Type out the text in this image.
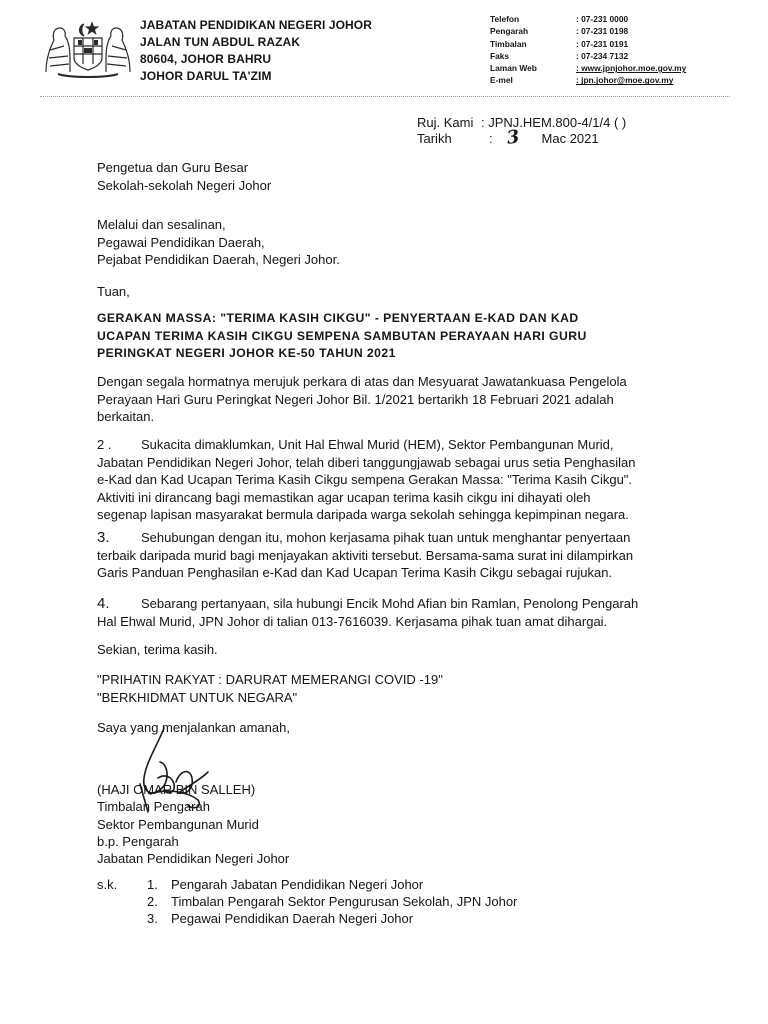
JABATAN PENDIDIKAN NEGERI JOHOR
JALAN TUN ABDUL RAZAK
80604, JOHOR BAHRU
JOHOR DARUL TA'ZIM
Telefon	: 07-231 0000
Pengarah	: 07-231 0198
Timbalan	: 07-231 0191
Faks	: 07-234 7132
Laman Web	: www.jpnjohor.moe.gov.my
E-mel	: jpn.johor@moe.gov.my
Ruj. Kami : JPNJ.HEM.800-4/1/4 ( )
Tarikh	: 3 Mac 2021
Pengetua dan Guru Besar
Sekolah-sekolah Negeri Johor
Melalui dan sesalinan,
Pegawai Pendidikan Daerah,
Pejabat Pendidikan Daerah, Negeri Johor.
Tuan,
GERAKAN MASSA: "TERIMA KASIH CIKGU" - PENYERTAAN E-KAD DAN KAD
UCAPAN TERIMA KASIH CIKGU SEMPENA SAMBUTAN PERAYAAN HARI GURU
PERINGKAT NEGERI JOHOR KE-50 TAHUN 2021
Dengan segala hormatnya merujuk perkara di atas dan Mesyuarat Jawatankuasa Pengelola
Perayaan Hari Guru Peringkat Negeri Johor Bil. 1/2021 bertarikh 18 Februari 2021 adalah
berkaitan.
2 . Sukacita dimaklumkan, Unit Hal Ehwal Murid (HEM), Sektor Pembangunan Murid,
Jabatan Pendidikan Negeri Johor, telah diberi tanggungjawab sebagai urus setia Penghasilan
e-Kad dan Kad Ucapan Terima Kasih Cikgu sempena Gerakan Massa: "Terima Kasih Cikgu".
Aktiviti ini dirancang bagi memastikan agar ucapan terima kasih cikgu ini dihayati oleh
segenap lapisan masyarakat bermula daripada warga sekolah sehingga kepimpinan negara.
3. Sehubungan dengan itu, mohon kerjasama pihak tuan untuk menghantar penyertaan
terbaik daripada murid bagi menjayakan aktiviti tersebut. Bersama-sama surat ini dilampirkan
Garis Panduan Penghasilan e-Kad dan Kad Ucapan Terima Kasih Cikgu sebagai rujukan.
4. Sebarang pertanyaan, sila hubungi Encik Mohd Afian bin Ramlan, Penolong Pengarah
Hal Ehwal Murid, JPN Johor di talian 013-7616039. Kerjasama pihak tuan amat dihargai.
Sekian, terima kasih.
"PRIHATIN RAKYAT : DARURAT MEMERANGI COVID -19"
"BERKHIDMAT UNTUK NEGARA"
Saya yang menjalankan amanah,
(HAJI OMAR BIN SALLEH)
Timbalan Pengarah
Sektor Pembangunan Murid
b.p. Pengarah
Jabatan Pendidikan Negeri Johor
s.k.	1.	Pengarah Jabatan Pendidikan Negeri Johor
2.	Timbalan Pengarah Sektor Pengurusan Sekolah, JPN Johor
3.	Pegawai Pendidikan Daerah Negeri Johor
